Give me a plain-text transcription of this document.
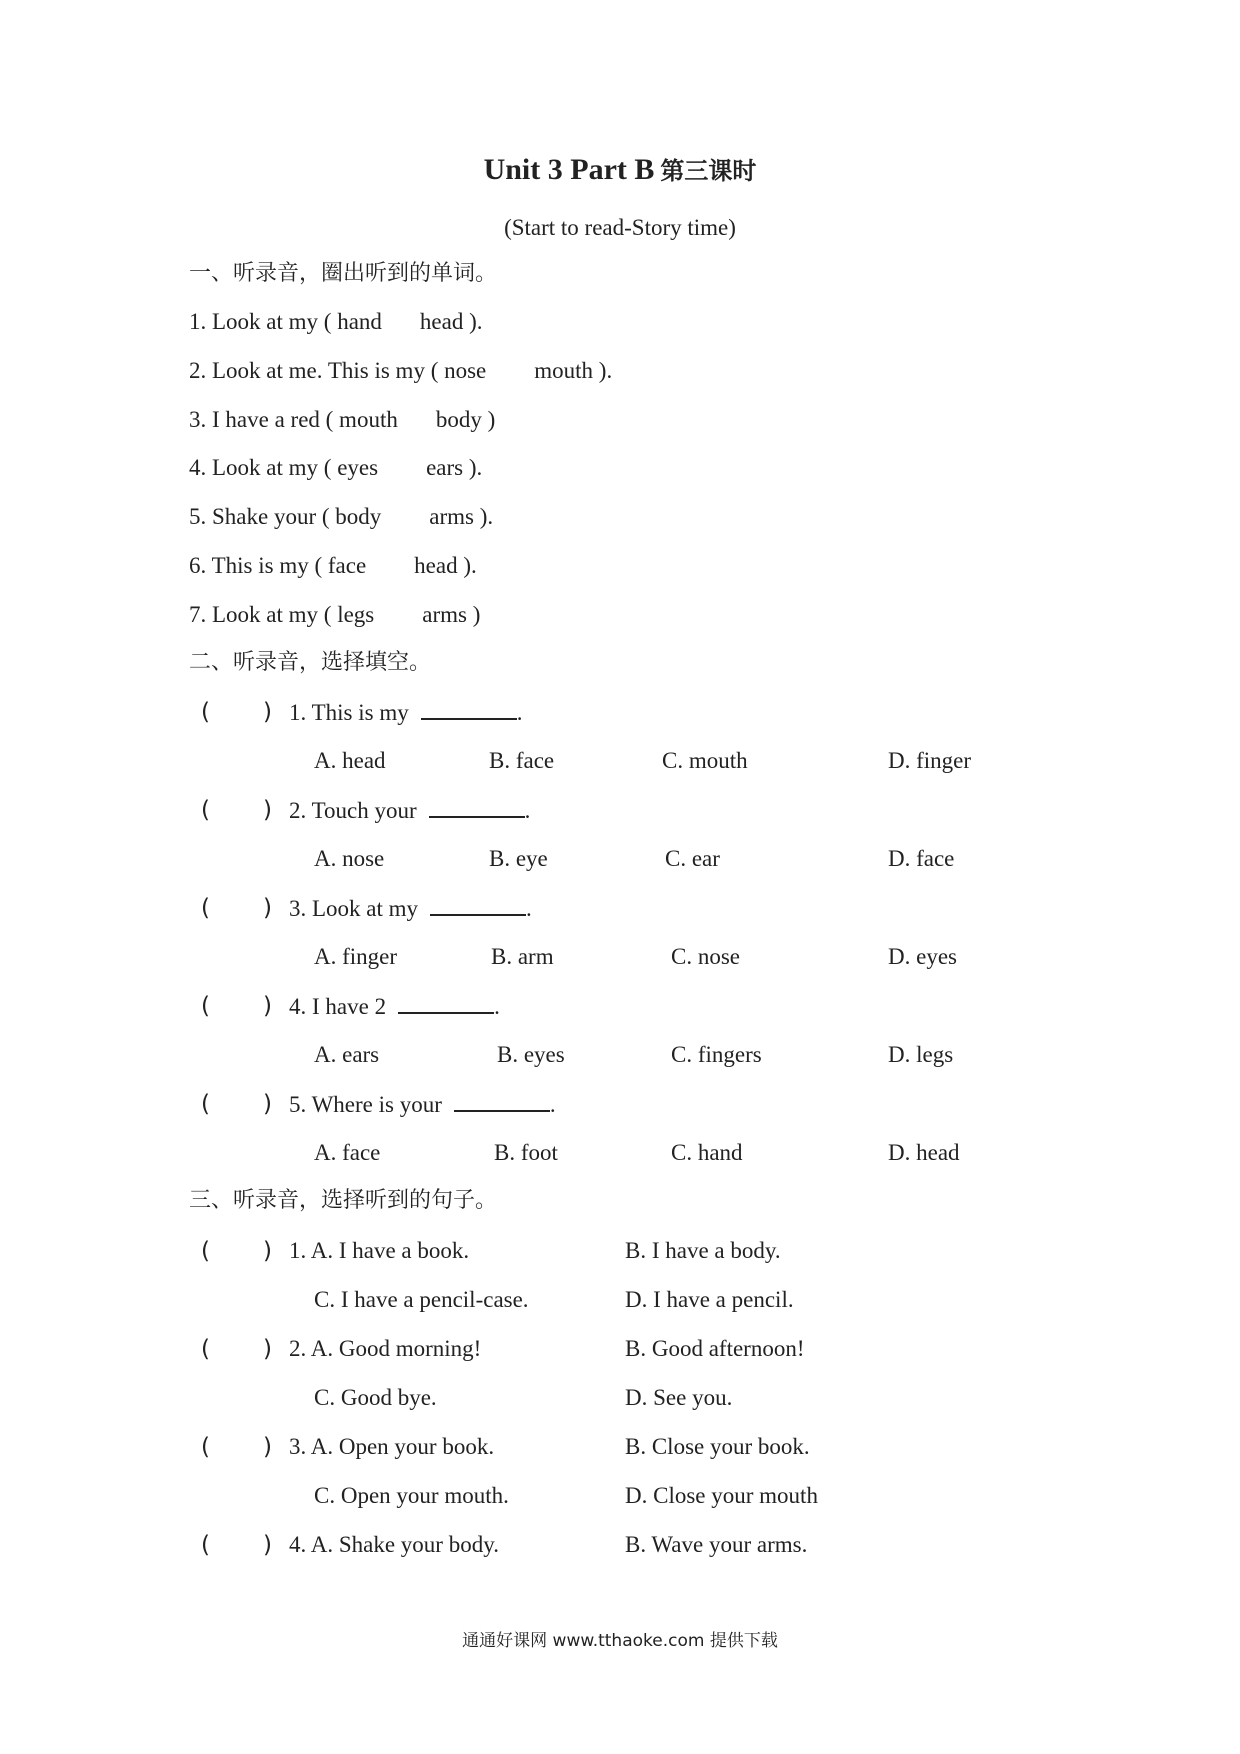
Unit 3 Part B 第三课时
(Start to read-Story time)
一、听录音，圈出听到的单词。
1. Look at my ( hand head ).
2. Look at me. This is my ( nose mouth ).
3. I have a red ( mouth body )
4. Look at my ( eyes ears ).
5. Shake your ( body arms ).
6. This is my ( face head ).
7. Look at my ( legs arms )
二、听录音，选择填空。
( ) 1. This is my	.
A. head	B. face	C. mouth	D. finger
( ) 2. Touch your	.
A. nose	B. eye	C. ear	D. face
( ) 3. Look at my	.
A. finger	B. arm	C. nose	D. eyes
( ) 4. I have 2	.
A. ears	B. eyes	C. fingers	D. legs
( ) 5. Where is your	.
A. face	B. foot	C. hand	D. head
三、听录音，选择听到的句子。
( ) 1. A. I have a book.	B. I have a body.
C. I have a pencil-case.	D. I have a pencil.
( ) 2. A. Good morning!	B. Good afternoon!
C. Good bye.	D. See you.
( ) 3. A. Open your book.	B. Close your book.
C. Open your mouth.	D. Close your mouth
( ) 4. A. Shake your body.	B. Wave your arms.
通通好课网 www.tthaoke.com 提供下载
